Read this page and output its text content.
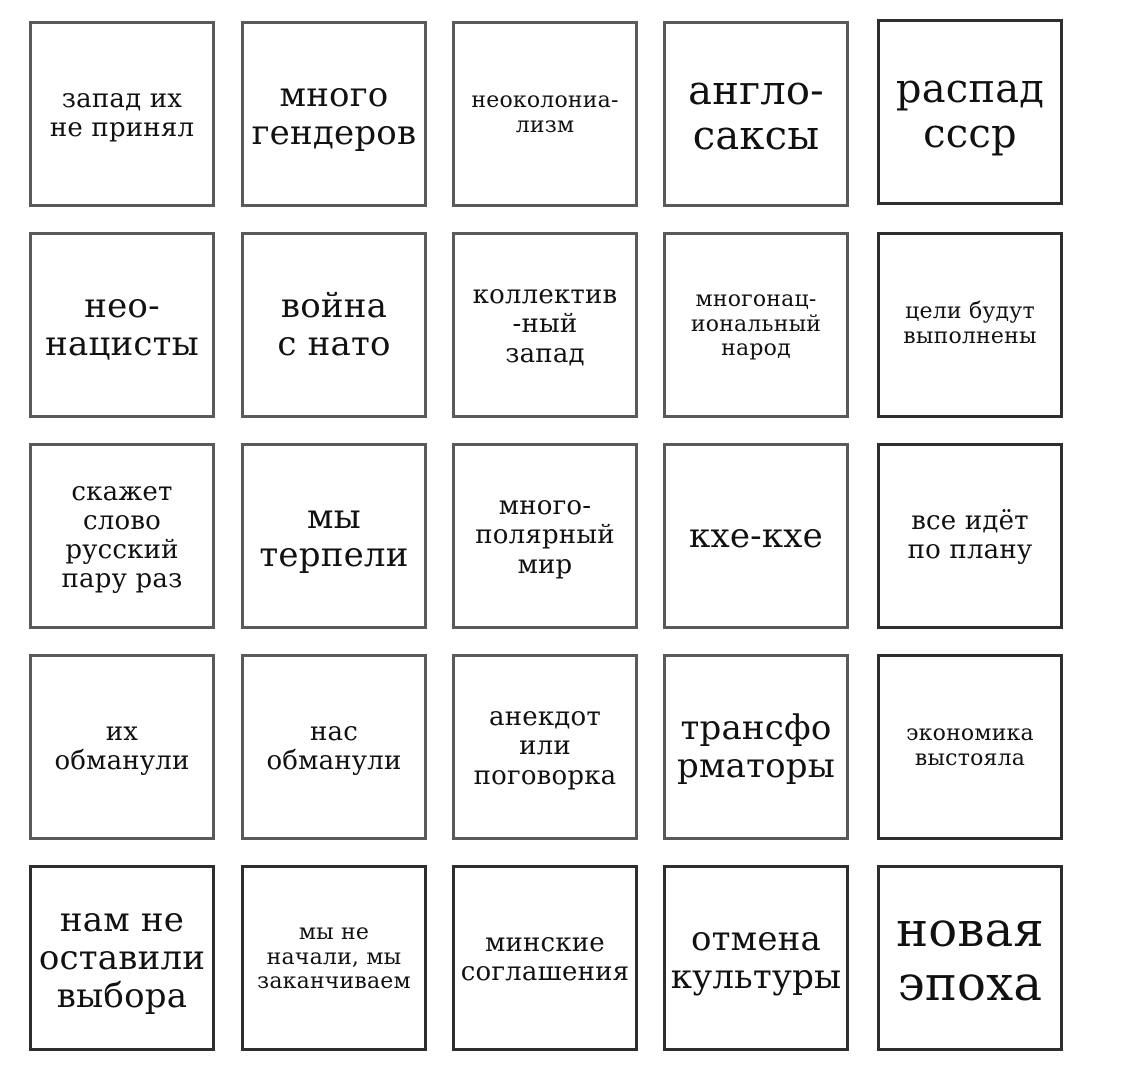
запад их
не принял
много
гендеров
неоколониа-
лизм
англо-
саксы
распад
ссср
нео-
нацисты
война
с нато
коллектив
-ный
запад
многонац-
иональный
народ
цели будут
выполнены
скажет
слово
русский
пару раз
мы
терпели
много-
полярный
мир
кхе-кхе	все идёт
по плану
их
обманули
нас
обманули
анекдот
или
поговорка
трансфо
рматоры
экономика
выстояла
нам не
оставили
выбора
мы не
начали, мы
заканчиваем
минские
соглашения
отмена
культуры
новая
эпоха
